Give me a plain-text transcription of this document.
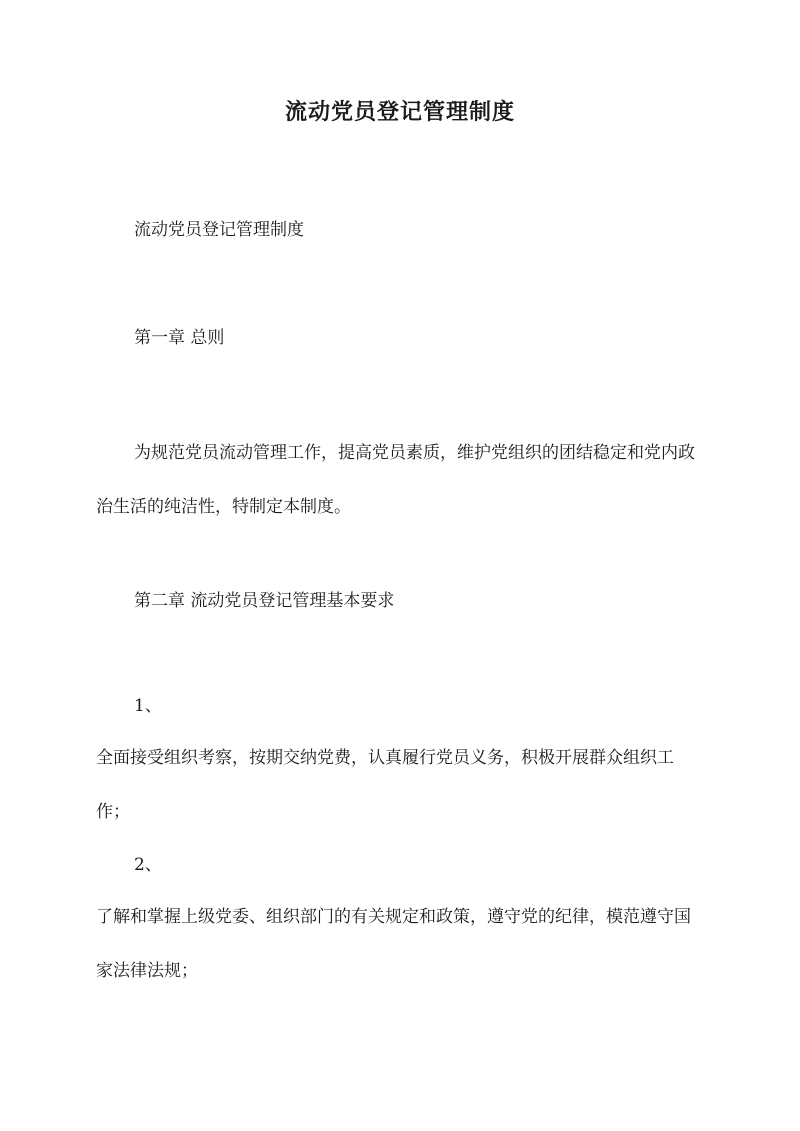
流动党员登记管理制度

流动党员登记管理制度

第一章 总则

为规范党员流动管理工作，提高党员素质，维护党组织的团结稳定和党内政治生活的纯洁性，特制定本制度。

第二章 流动党员登记管理基本要求

1、

全面接受组织考察，按期交纳党费，认真履行党员义务，积极开展群众组织工作；

2、

了解和掌握上级党委、组织部门的有关规定和政策，遵守党的纪律，模范遵守国家法律法规；
